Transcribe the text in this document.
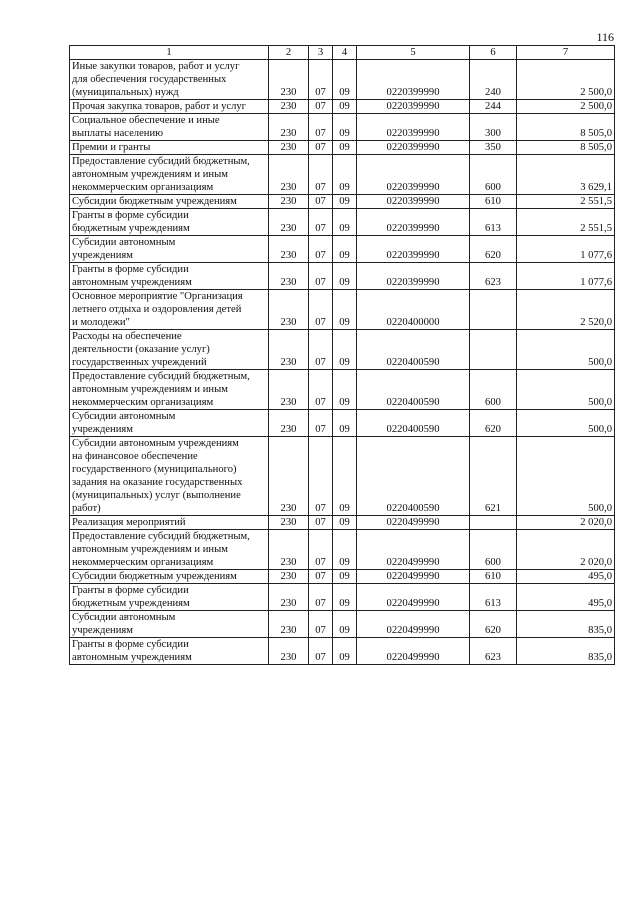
116
1	2	3	4	5	6	7
Иные закупки товаров, работ и услуг для обеспечения государственных (муниципальных) нужд	230	07	09	0220399990	240	2 500,0
Прочая закупка товаров, работ и услуг	230	07	09	0220399990	244	2 500,0
Социальное обеспечение и иные выплаты населению	230	07	09	0220399990	300	8 505,0
Премии и гранты	230	07	09	0220399990	350	8 505,0
Предоставление субсидий бюджетным, автономным учреждениям и иным некоммерческим организациям	230	07	09	0220399990	600	3 629,1
Субсидии бюджетным учреждениям	230	07	09	0220399990	610	2 551,5
Гранты в форме субсидии бюджетным учреждениям	230	07	09	0220399990	613	2 551,5
Субсидии автономным учреждениям	230	07	09	0220399990	620	1 077,6
Гранты в форме субсидии автономным учреждениям	230	07	09	0220399990	623	1 077,6
Основное мероприятие "Организация летнего отдыха и оздоровления детей и молодежи"	230	07	09	0220400000		2 520,0
Расходы на обеспечение деятельности (оказание услуг) государственных учреждений	230	07	09	0220400590		500,0
Предоставление субсидий бюджетным, автономным учреждениям и иным некоммерческим организациям	230	07	09	0220400590	600	500,0
Субсидии автономным учреждениям	230	07	09	0220400590	620	500,0
Субсидии автономным учреждениям на финансовое обеспечение государственного (муниципального) задания на оказание государственных (муниципальных) услуг (выполнение работ)	230	07	09	0220400590	621	500,0
Реализация мероприятий	230	07	09	0220499990		2 020,0
Предоставление субсидий бюджетным, автономным учреждениям и иным некоммерческим организациям	230	07	09	0220499990	600	2 020,0
Субсидии бюджетным учреждениям	230	07	09	0220499990	610	495,0
Гранты в форме субсидии бюджетным учреждениям	230	07	09	0220499990	613	495,0
Субсидии автономным учреждениям	230	07	09	0220499990	620	835,0
Гранты в форме субсидии автономным учреждениям	230	07	09	0220499990	623	835,0
